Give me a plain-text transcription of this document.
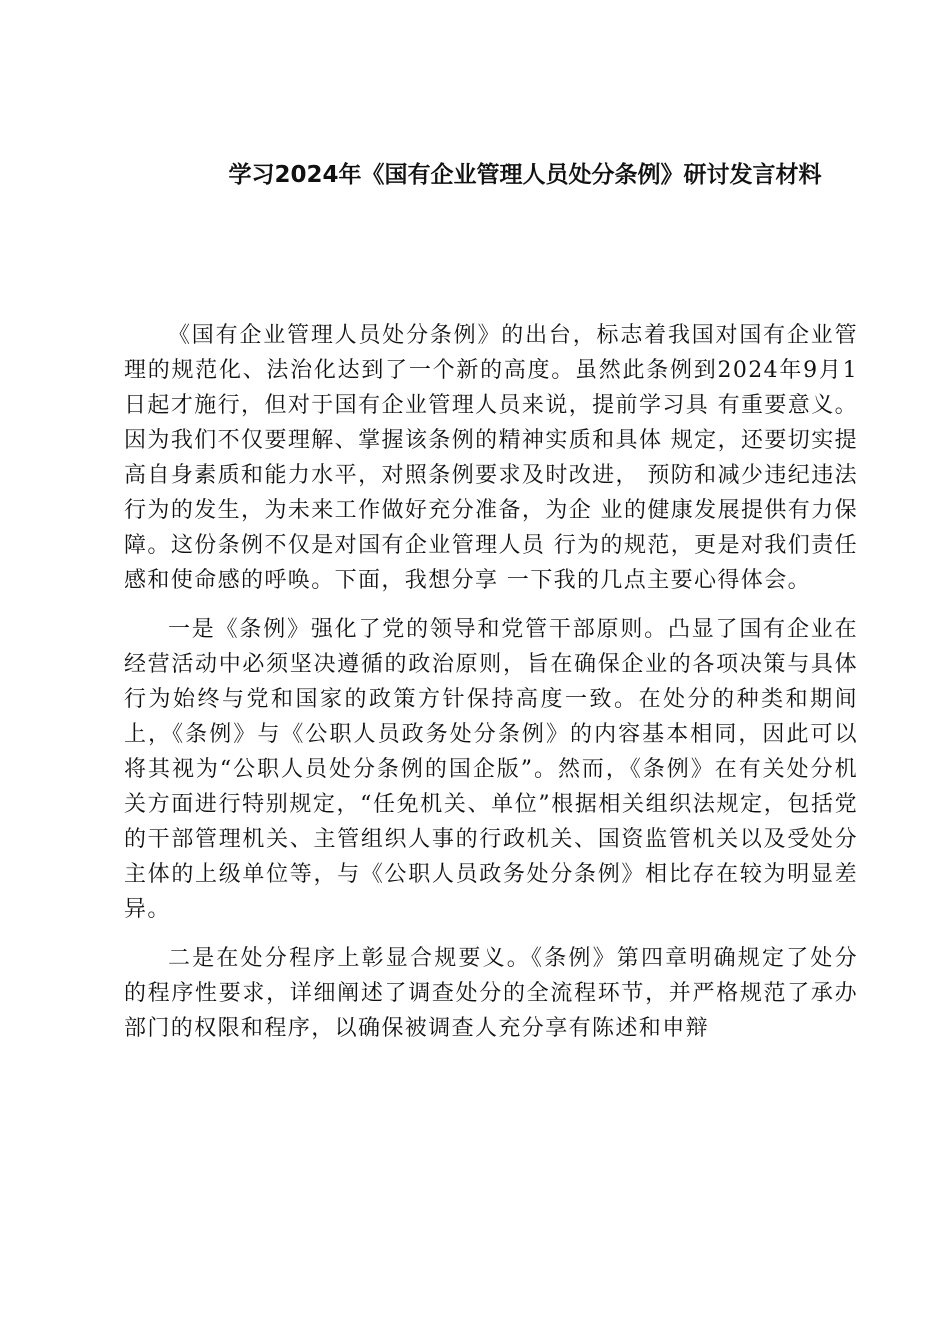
学习2024年《国有企业管理人员处分条例》研讨发言材料

《国有企业管理人员处分条例》的出台，标志着我国对国有企业管理的规范化、法治化达到了一个新的高度。虽然此条例到2024年9月1日起才施行，但对于国有企业管理人员来说，提前学习具 有重要意义。因为我们不仅要理解、掌握该条例的精神实质和具体 规定，还要切实提高自身素质和能力水平，对照条例要求及时改进， 预防和减少违纪违法行为的发生，为未来工作做好充分准备，为企 业的健康发展提供有力保障。这份条例不仅是对国有企业管理人员 行为的规范，更是对我们责任感和使命感的呼唤。下面，我想分享 一下我的几点主要心得体会。

一是《条例》强化了党的领导和党管干部原则。凸显了国有企业在经营活动中必须坚决遵循的政治原则，旨在确保企业的各项决策与具体行为始终与党和国家的政策方针保持高度一致。在处分的种类和期间上，《条例》与《公职人员政务处分条例》的内容基本相同，因此可以将其视为“公职人员处分条例的国企版”。然而，《条例》在有关处分机关方面进行特别规定，“任免机关、单位”根据相关组织法规定，包括党的干部管理机关、主管组织人事的行政机关、国资监管机关以及受处分主体的上级单位等，与《公职人员政务处分条例》相比存在较为明显差异。

二是在处分程序上彰显合规要义。《条例》第四章明确规定了处分的程序性要求，详细阐述了调查处分的全流程环节，并严格规范了承办部门的权限和程序，以确保被调查人充分享有陈述和申辩
